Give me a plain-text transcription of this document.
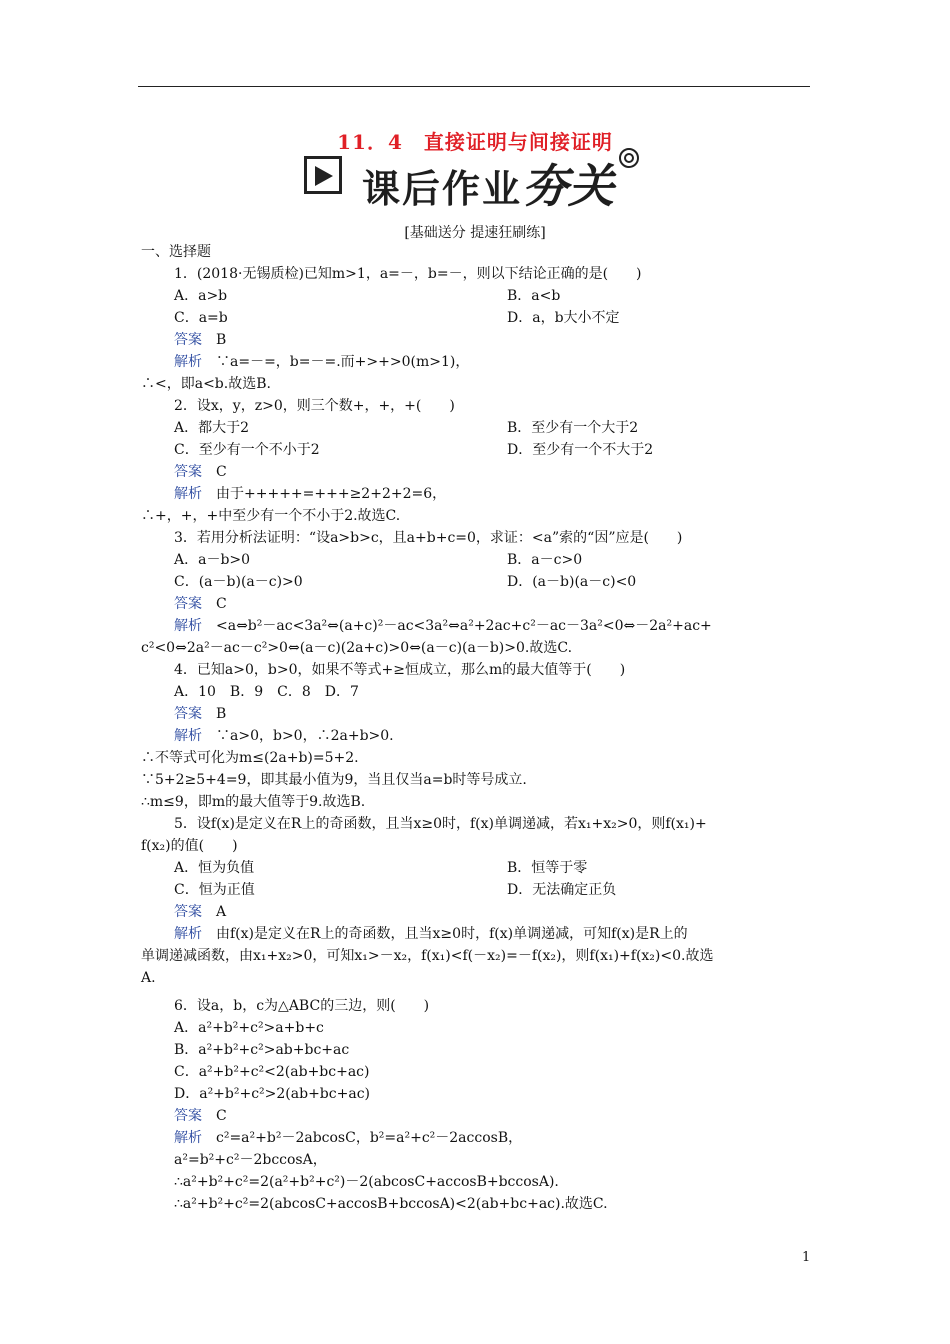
11．4　直接证明与间接证明
课后作业夯关
[基础送分 提速狂刷练]
一、选择题
1．(2018·无锡质检)已知m>1，a=－，b=－，则以下结论正确的是(　　)
A．a>b	B．a<b
C．a=b	D．a，b大小不定
答案　 B
解析　 ∵a=－=，b=－=.而+>+>0(m>1)，
∴<，即a<b.故选B.
2．设x，y，z>0，则三个数+，+，+(　　)
A．都大于2	B．至少有一个大于2
C．至少有一个不小于2	D．至少有一个不大于2
答案　 C
解析　 由于+++++=+++≥2+2+2=6，
∴+，+，+中至少有一个不小于2.故选C.
3．若用分析法证明：“设a>b>c，且a+b+c=0，求证：<a”索的“因”应是(　　)
A．a－b>0	B．a－c>0
C．(a－b)(a－c)>0	D．(a－b)(a－c)<0
答案　 C
解析　 <a⇔b²－ac<3a²⇔(a+c)²－ac<3a²⇔a²+2ac+c²－ac－3a²<0⇔－2a²+ac+
c²<0⇔2a²－ac－c²>0⇔(a－c)(2a+c)>0⇔(a－c)(a－b)>0.故选C.
4．已知a>0，b>0，如果不等式+≥恒成立，那么m的最大值等于(　　)
A．10　B．9　C．8　D．7
答案　 B
解析　 ∵a>0，b>0，∴2a+b>0.
∴不等式可化为m≤(2a+b)=5+2.
∵5+2≥5+4=9，即其最小值为9，当且仅当a=b时等号成立.
∴m≤9，即m的最大值等于9.故选B.
5．设f(x)是定义在R上的奇函数，且当x≥0时，f(x)单调递减，若x₁+x₂>0，则f(x₁)+
f(x₂)的值(　　)
A．恒为负值	B．恒等于零
C．恒为正值	D．无法确定正负
答案　 A
解析　 由f(x)是定义在R上的奇函数，且当x≥0时，f(x)单调递减，可知f(x)是R上的
单调递减函数，由x₁+x₂>0，可知x₁>－x₂，f(x₁)<f(－x₂)=－f(x₂)，则f(x₁)+f(x₂)<0.故选
A.
6．设a，b，c为△ABC的三边，则(　　)
A．a²+b²+c²>a+b+c
B．a²+b²+c²>ab+bc+ac
C．a²+b²+c²<2(ab+bc+ac)
D．a²+b²+c²>2(ab+bc+ac)
答案　 C
解析　 c²=a²+b²－2abcosC，b²=a²+c²－2accosB，
a²=b²+c²－2bccosA，
∴a²+b²+c²=2(a²+b²+c²)－2(abcosC+accosB+bccosA).
∴a²+b²+c²=2(abcosC+accosB+bccosA)<2(ab+bc+ac).故选C.
1
